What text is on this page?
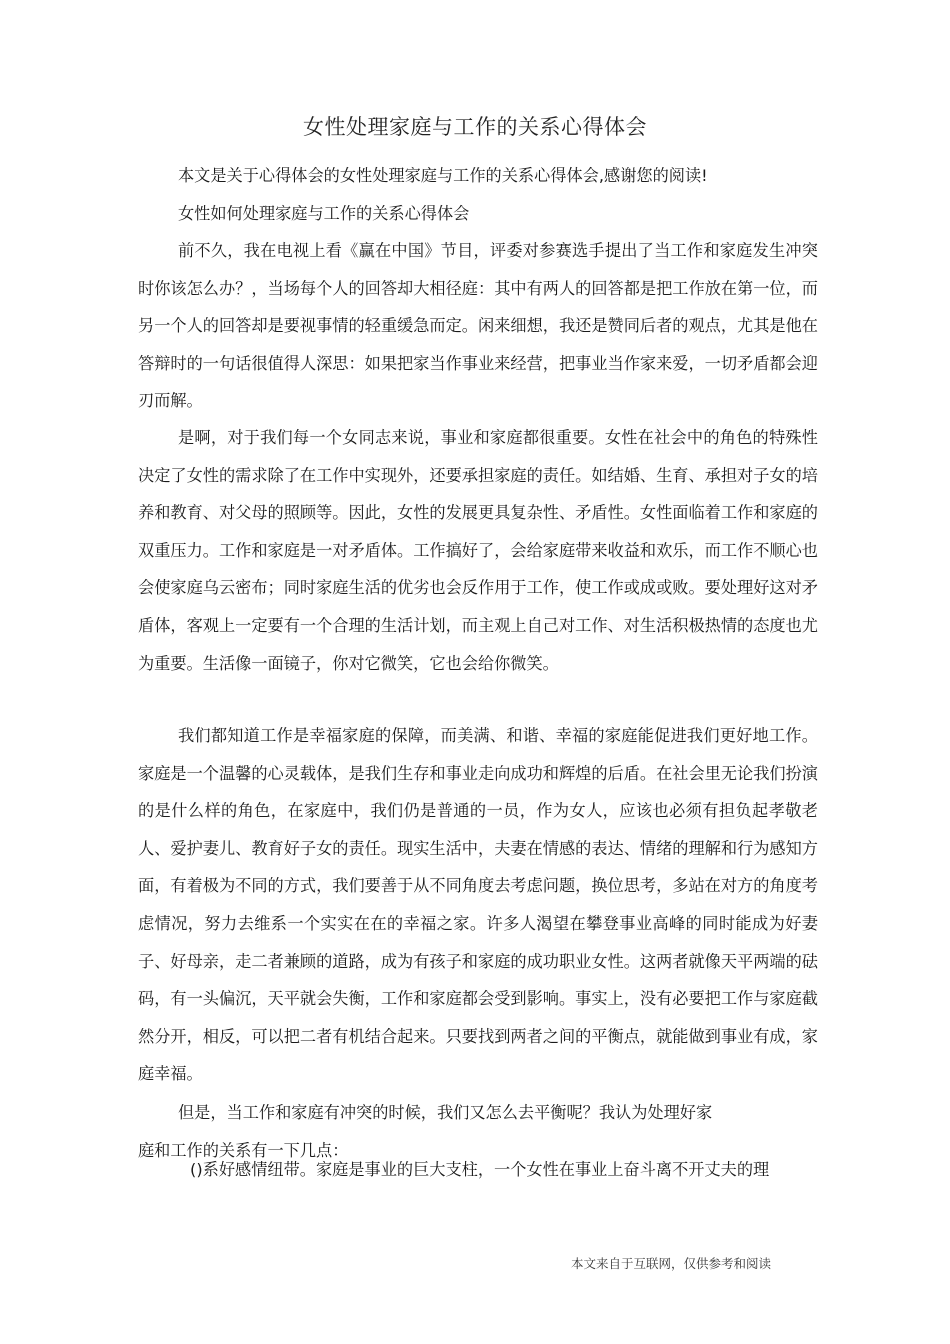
女性处理家庭与工作的关系心得体会

本文是关于心得体会的女性处理家庭与工作的关系心得体会,感谢您的阅读!

女性如何处理家庭与工作的关系心得体会

前不久，我在电视上看《赢在中国》节目，评委对参赛选手提出了当工作和家庭发生冲突时你该怎么办？，当场每个人的回答却大相径庭：其中有两人的回答都是把工作放在第一位，而另一个人的回答却是要视事情的轻重缓急而定。闲来细想，我还是赞同后者的观点，尤其是他在答辩时的一句话很值得人深思：如果把家当作事业来经营，把事业当作家来爱，一切矛盾都会迎刃而解。

是啊，对于我们每一个女同志来说，事业和家庭都很重要。女性在社会中的角色的特殊性决定了女性的需求除了在工作中实现外，还要承担家庭的责任。如结婚、生育、承担对子女的培养和教育、对父母的照顾等。因此，女性的发展更具复杂性、矛盾性。女性面临着工作和家庭的双重压力。工作和家庭是一对矛盾体。工作搞好了，会给家庭带来收益和欢乐，而工作不顺心也会使家庭乌云密布；同时家庭生活的优劣也会反作用于工作，使工作或成或败。要处理好这对矛盾体，客观上一定要有一个合理的生活计划，而主观上自己对工作、对生活积极热情的态度也尤为重要。生活像一面镜子，你对它微笑，它也会给你微笑。

我们都知道工作是幸福家庭的保障，而美满、和谐、幸福的家庭能促进我们更好地工作。家庭是一个温馨的心灵载体，是我们生存和事业走向成功和辉煌的后盾。在社会里无论我们扮演的是什么样的角色，在家庭中，我们仍是普通的一员，作为女人，应该也必须有担负起孝敬老人、爱护妻儿、教育好子女的责任。现实生活中，夫妻在情感的表达、情绪的理解和行为感知方面，有着极为不同的方式，我们要善于从不同角度去考虑问题，换位思考，多站在对方的角度考虑情况，努力去维系一个实实在在的幸福之家。许多人渴望在攀登事业高峰的同时能成为好妻子、好母亲，走二者兼顾的道路，成为有孩子和家庭的成功职业女性。这两者就像天平两端的砝码，有一头偏沉，天平就会失衡，工作和家庭都会受到影响。事实上，没有必要把工作与家庭截然分开，相反，可以把二者有机结合起来。只要找到两者之间的平衡点，就能做到事业有成，家庭幸福。

但是，当工作和家庭有冲突的时候，我们又怎么去平衡呢？我认为处理好家
庭和工作的关系有一下几点：

()系好感情纽带。家庭是事业的巨大支柱，一个女性在事业上奋斗离不开丈夫的理

本文来自于互联网，仅供参考和阅读
